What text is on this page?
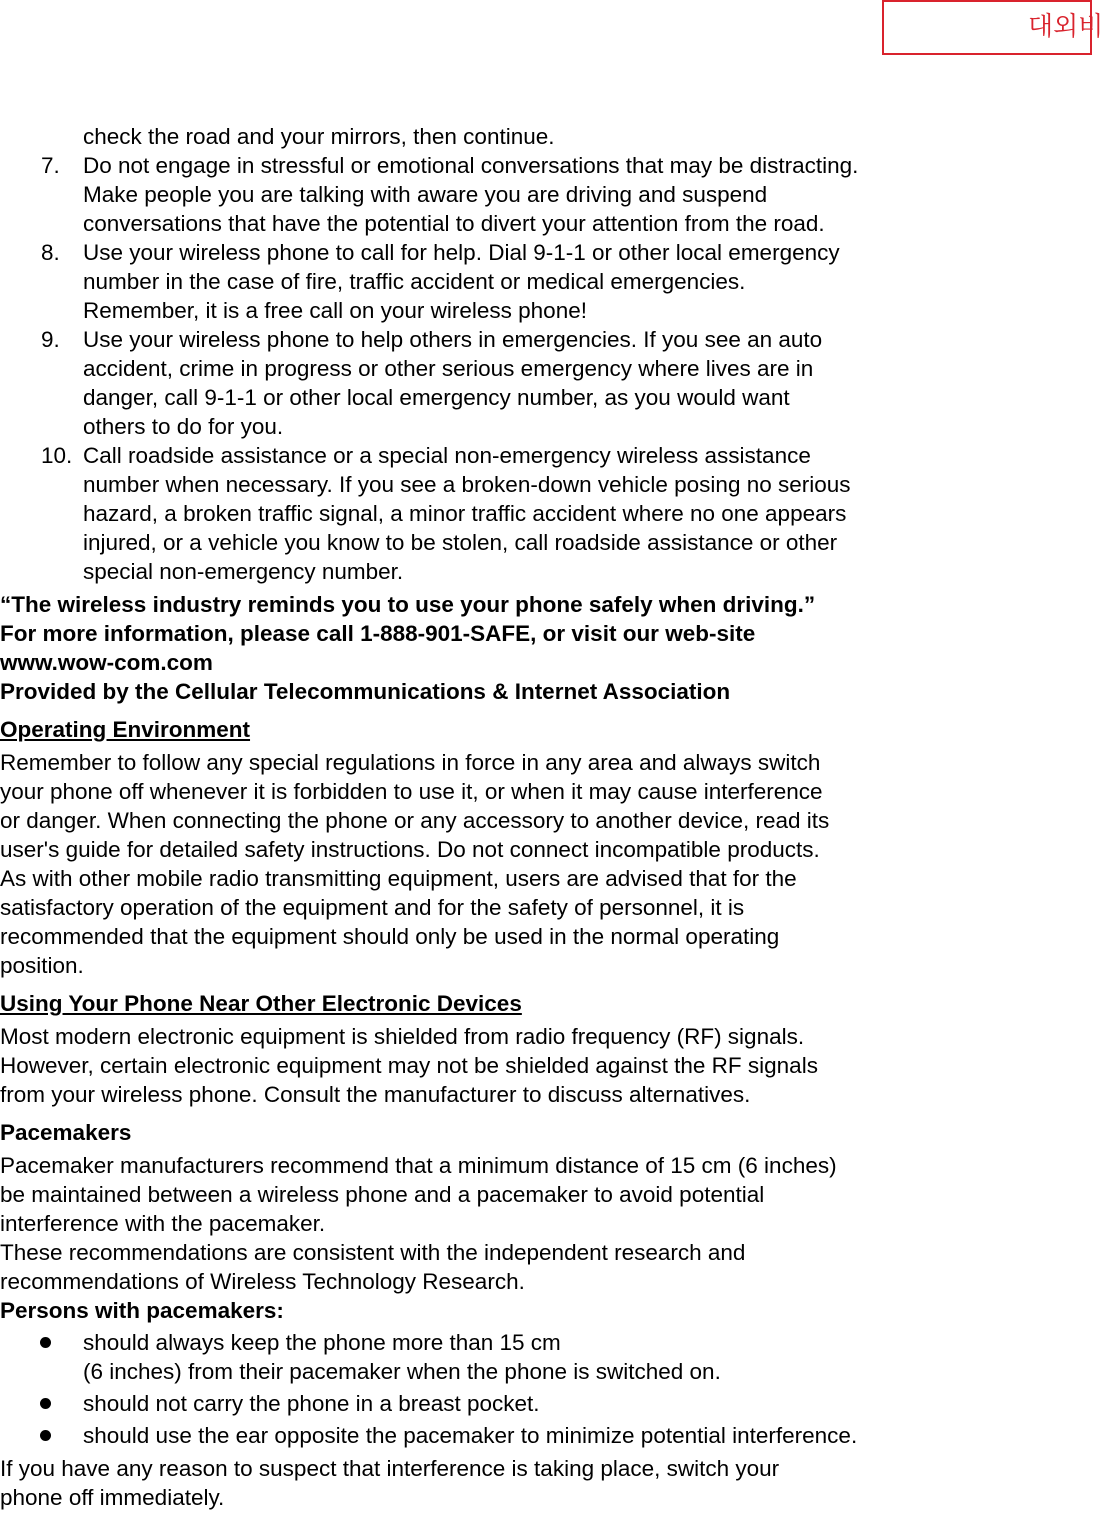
대외비
check the road and your mirrors, then continue.
7. Do not engage in stressful or emotional conversations that may be distracting.
Make people you are talking with aware you are driving and suspend
conversations that have the potential to divert your attention from the road.
8. Use your wireless phone to call for help. Dial 9-1-1 or other local emergency
number in the case of fire, traffic accident or medical emergencies.
Remember, it is a free call on your wireless phone!
9. Use your wireless phone to help others in emergencies. If you see an auto
accident, crime in progress or other serious emergency where lives are in
danger, call 9-1-1 or other local emergency number, as you would want
others to do for you.
10. Call roadside assistance or a special non-emergency wireless assistance
number when necessary. If you see a broken-down vehicle posing no serious
hazard, a broken traffic signal, a minor traffic accident where no one appears
injured, or a vehicle you know to be stolen, call roadside assistance or other
special non-emergency number.
“The wireless industry reminds you to use your phone safely when driving.”
For more information, please call 1-888-901-SAFE, or visit our web-site
www.wow-com.com
Provided by the Cellular Telecommunications & Internet Association
Operating Environment
Remember to follow any special regulations in force in any area and always switch
your phone off whenever it is forbidden to use it, or when it may cause interference
or danger. When connecting the phone or any accessory to another device, read its
user's guide for detailed safety instructions. Do not connect incompatible products.
As with other mobile radio transmitting equipment, users are advised that for the
satisfactory operation of the equipment and for the safety of personnel, it is
recommended that the equipment should only be used in the normal operating
position.
Using Your Phone Near Other Electronic Devices
Most modern electronic equipment is shielded from radio frequency (RF) signals.
However, certain electronic equipment may not be shielded against the RF signals
from your wireless phone. Consult the manufacturer to discuss alternatives.
Pacemakers
Pacemaker manufacturers recommend that a minimum distance of 15 cm (6 inches)
be maintained between a wireless phone and a pacemaker to avoid potential
interference with the pacemaker.
These recommendations are consistent with the independent research and
recommendations of Wireless Technology Research.
Persons with pacemakers:
should always keep the phone more than 15 cm
(6 inches) from their pacemaker when the phone is switched on.
should not carry the phone in a breast pocket.
should use the ear opposite the pacemaker to minimize potential interference.
If you have any reason to suspect that interference is taking place, switch your
phone off immediately.
